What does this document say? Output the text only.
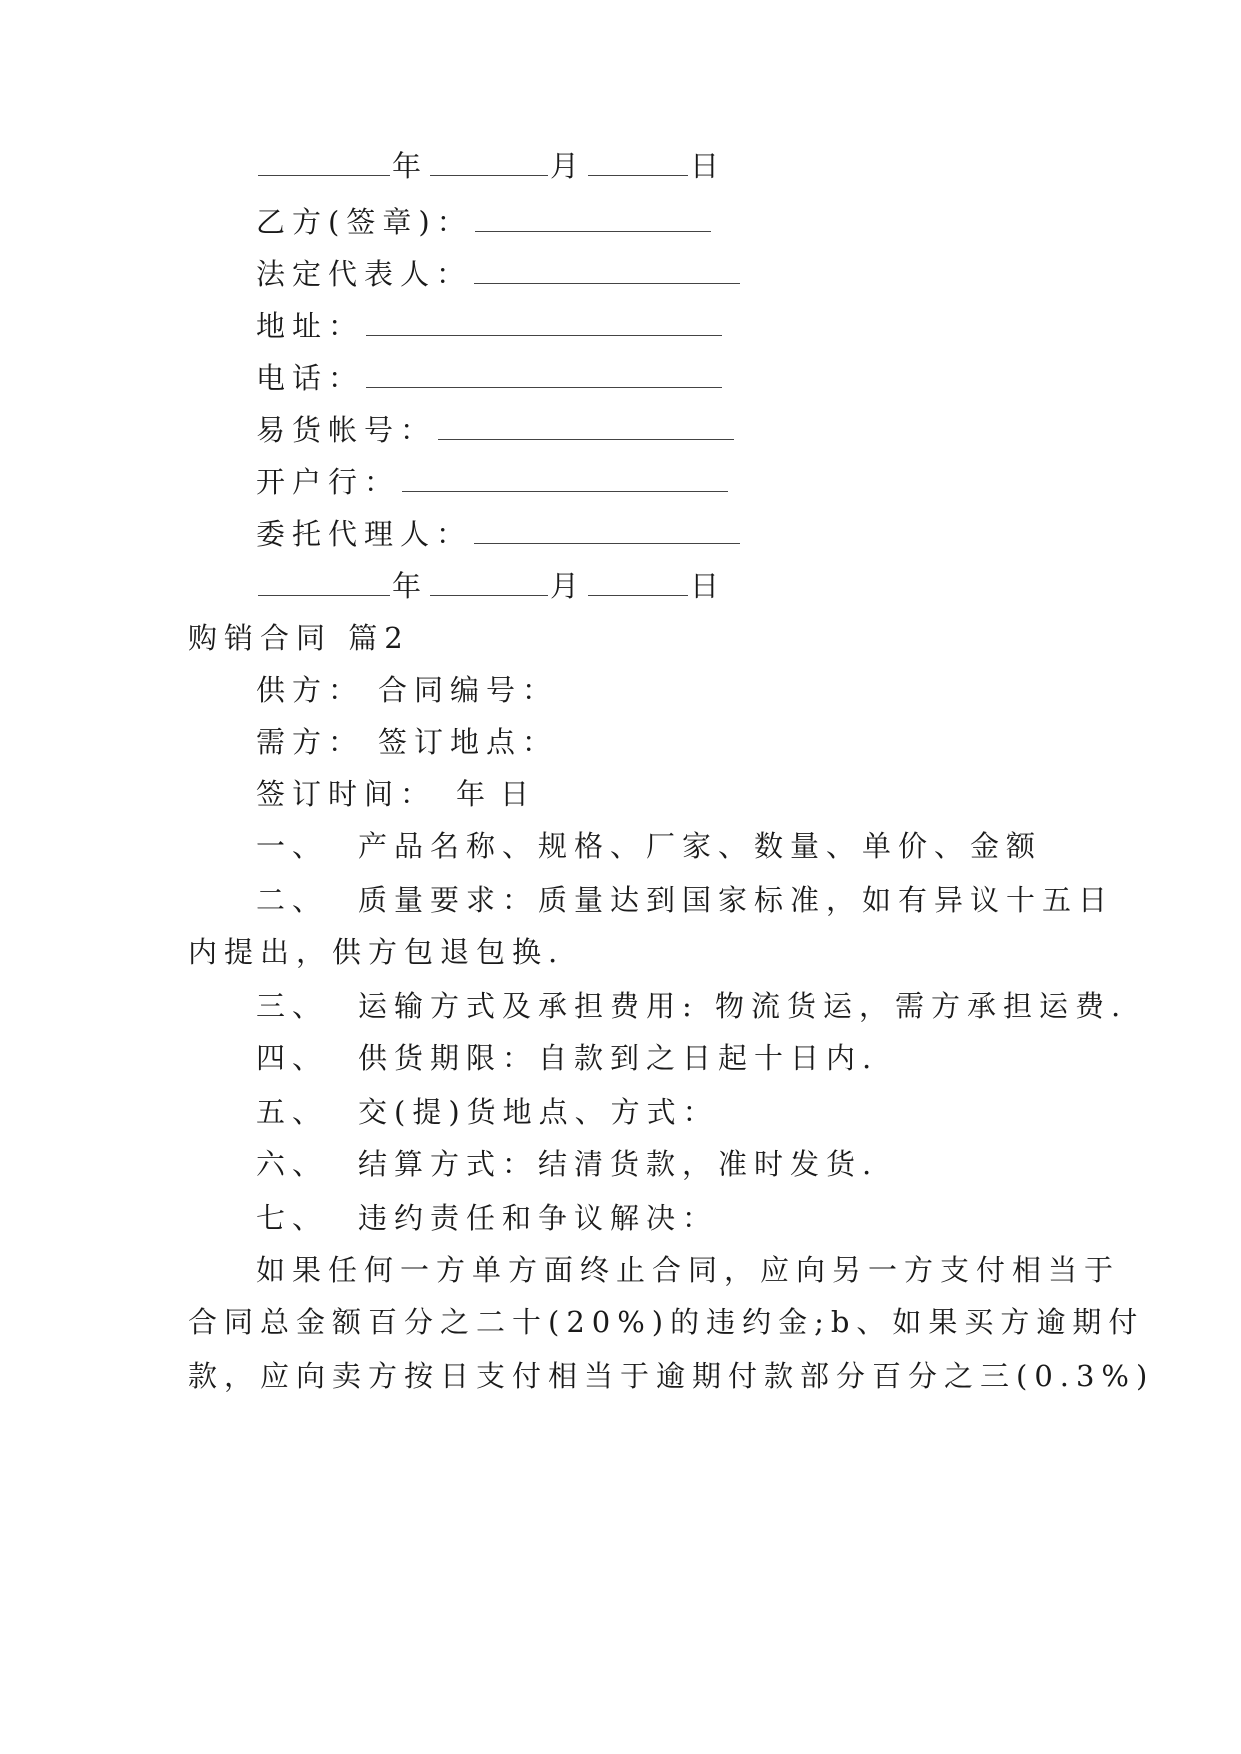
年	月	日
乙方(签章)：
法定代表人：
地址：
电话：
易货帐号：
开户行：
委托代理人：
年	月	日
购销合同 篇2
供方： 合同编号：
需方： 签订地点：
签订时间： 年 日
一、 产品名称、规格、厂家、数量、单价、金额
二、 质量要求：质量达到国家标准，如有异议十五日
内提出，供方包退包换.
三、 运输方式及承担费用: 物流货运，需方承担运费.
四、 供货期限：自款到之日起十日内.
五、 交(提)货地点、方式：
六、 结算方式：结清货款，准时发货.
七、 违约责任和争议解决：
如果任何一方单方面终止合同，应向另一方支付相当于
合同总金额百分之二十(20%)的违约金;b、如果买方逾期付
款，应向卖方按日支付相当于逾期付款部分百分之三(0.3%)
